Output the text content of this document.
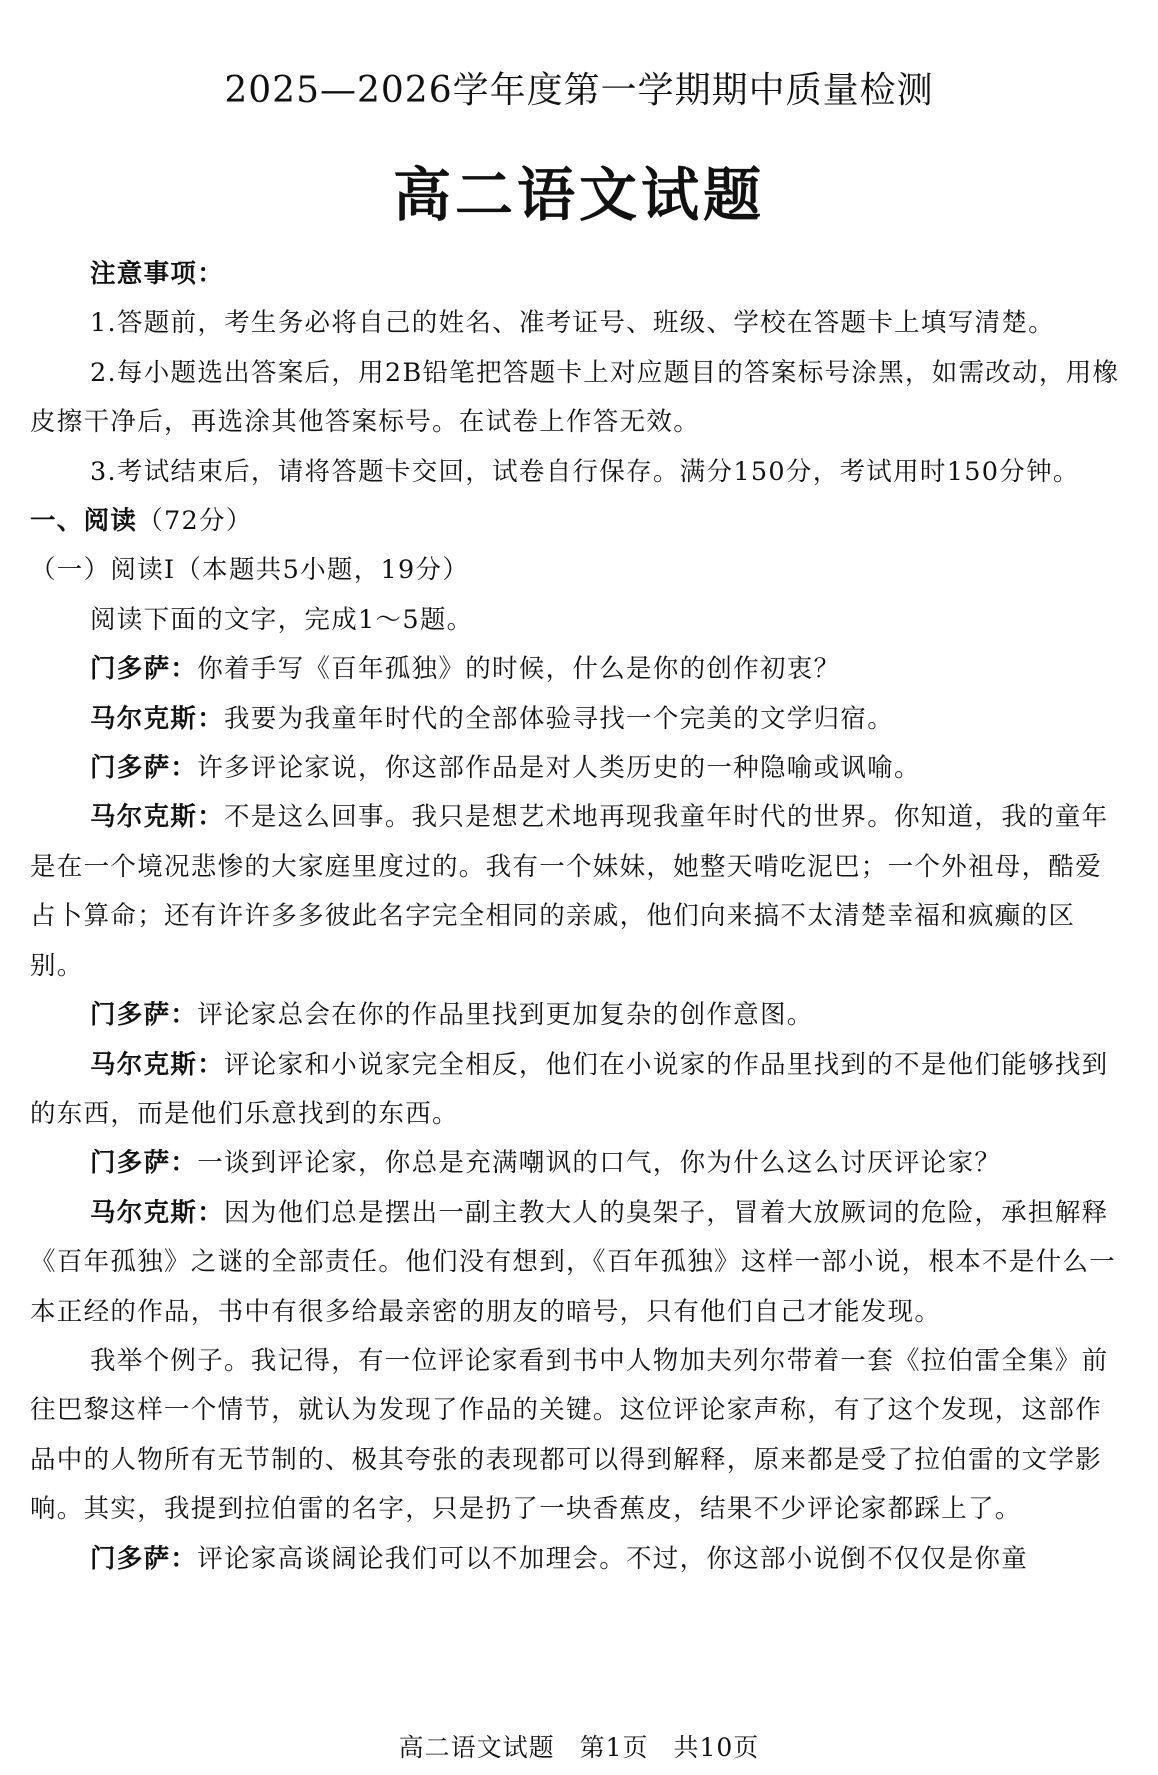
2025—2026学年度第一学期期中质量检测
高二语文试题

注意事项：

1.答题前，考生务必将自己的姓名、准考证号、班级、学校在答题卡上填写清楚。

2.每小题选出答案后，用2B铅笔把答题卡上对应题目的答案标号涂黑，如需改动，用橡皮擦干净后，再选涂其他答案标号。在试卷上作答无效。

3.考试结束后，请将答题卡交回，试卷自行保存。满分150分，考试用时150分钟。

一、阅读（72分）

（一）阅读Ⅰ（本题共5小题，19分）

阅读下面的文字，完成1～5题。

门多萨：你着手写《百年孤独》的时候，什么是你的创作初衷？

马尔克斯：我要为我童年时代的全部体验寻找一个完美的文学归宿。

门多萨：许多评论家说，你这部作品是对人类历史的一种隐喻或讽喻。

马尔克斯：不是这么回事。我只是想艺术地再现我童年时代的世界。你知道，我的童年是在一个境况悲惨的大家庭里度过的。我有一个妹妹，她整天啃吃泥巴；一个外祖母，酷爱占卜算命；还有许许多多彼此名字完全相同的亲戚，他们向来搞不太清楚幸福和疯癫的区别。

门多萨：评论家总会在你的作品里找到更加复杂的创作意图。

马尔克斯：评论家和小说家完全相反，他们在小说家的作品里找到的不是他们能够找到的东西，而是他们乐意找到的东西。

门多萨：一谈到评论家，你总是充满嘲讽的口气，你为什么这么讨厌评论家？

马尔克斯：因为他们总是摆出一副主教大人的臭架子，冒着大放厥词的危险，承担解释《百年孤独》之谜的全部责任。他们没有想到，《百年孤独》这样一部小说，根本不是什么一本正经的作品，书中有很多给最亲密的朋友的暗号，只有他们自己才能发现。

我举个例子。我记得，有一位评论家看到书中人物加夫列尔带着一套《拉伯雷全集》前往巴黎这样一个情节，就认为发现了作品的关键。这位评论家声称，有了这个发现，这部作品中的人物所有无节制的、极其夸张的表现都可以得到解释，原来都是受了拉伯雷的文学影响。其实，我提到拉伯雷的名字，只是扔了一块香蕉皮，结果不少评论家都踩上了。

门多萨：评论家高谈阔论我们可以不加理会。不过，你这部小说倒不仅仅是你童

高二语文试题 第1页 共10页
